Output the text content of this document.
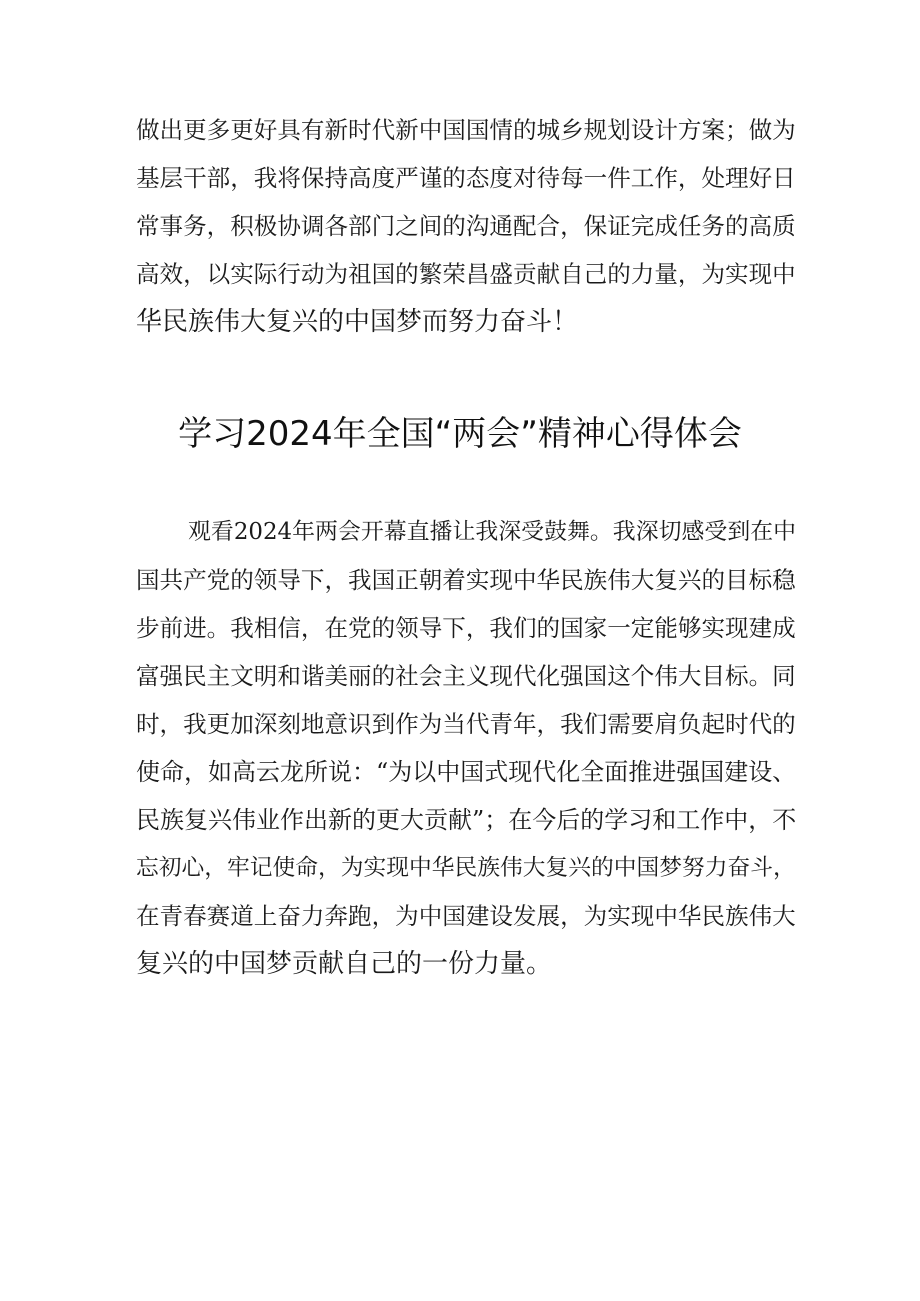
做出更多更好具有新时代新中国国情的城乡规划设计方案；做为
基层干部，我将保持高度严谨的态度对待每一件工作，处理好日
常事务，积极协调各部门之间的沟通配合，保证完成任务的高质
高效，以实际行动为祖国的繁荣昌盛贡献自己的力量，为实现中
华民族伟大复兴的中国梦而努力奋斗！
学习2024年全国“两会”精神心得体会
观看2024年两会开幕直播让我深受鼓舞。我深切感受到在中
国共产党的领导下，我国正朝着实现中华民族伟大复兴的目标稳
步前进。我相信，在党的领导下，我们的国家一定能够实现建成
富强民主文明和谐美丽的社会主义现代化强国这个伟大目标。同
时，我更加深刻地意识到作为当代青年，我们需要肩负起时代的
使命，如高云龙所说：“为以中国式现代化全面推进强国建设、
民族复兴伟业作出新的更大贡献”；在今后的学习和工作中，不
忘初心，牢记使命，为实现中华民族伟大复兴的中国梦努力奋斗，
在青春赛道上奋力奔跑，为中国建设发展，为实现中华民族伟大
复兴的中国梦贡献自己的一份力量。
